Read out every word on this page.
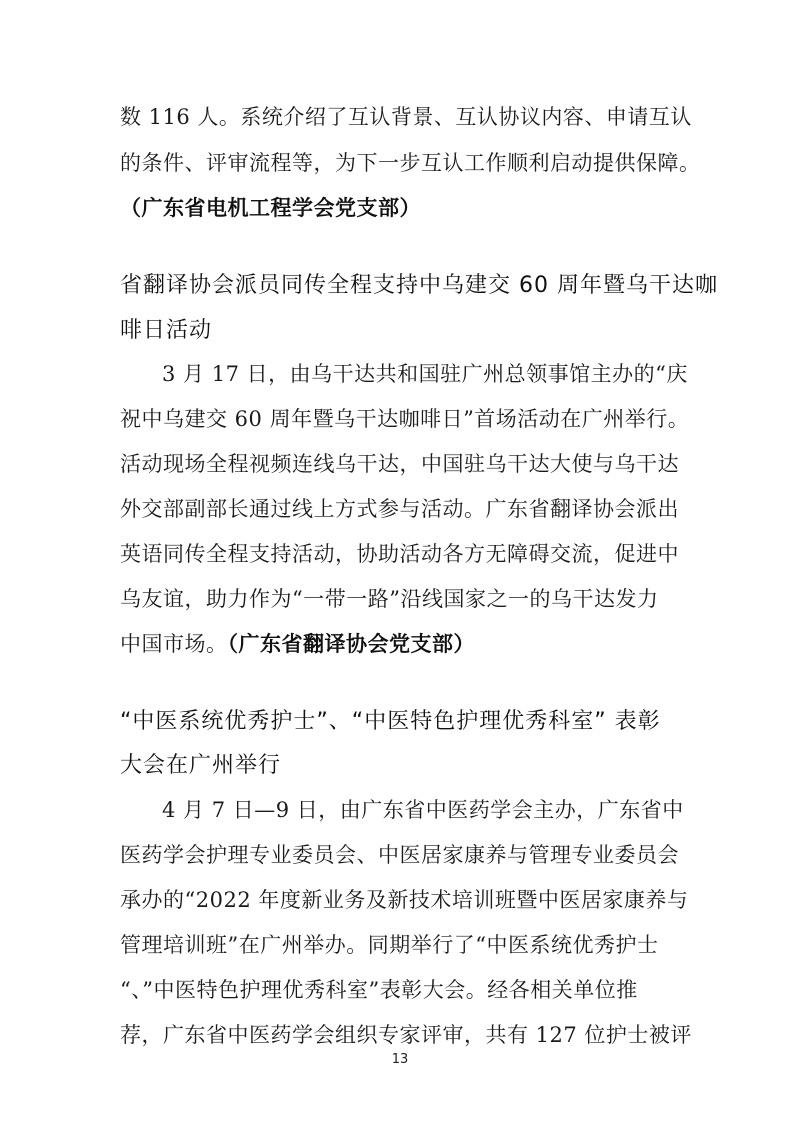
数 116 人。系统介绍了互认背景、互认协议内容、申请互认
的条件、评审流程等，为下一步互认工作顺利启动提供保障。
（广东省电机工程学会党支部）
省翻译协会派员同传全程支持中乌建交 60 周年暨乌干达咖
啡日活动
3 月 17 日，由乌干达共和国驻广州总领事馆主办的“庆
祝中乌建交 60 周年暨乌干达咖啡日”首场活动在广州举行。
活动现场全程视频连线乌干达，中国驻乌干达大使与乌干达
外交部副部长通过线上方式参与活动。广东省翻译协会派出
英语同传全程支持活动，协助活动各方无障碍交流，促进中
乌友谊，助力作为“一带一路”沿线国家之一的乌干达发力
中国市场。（广东省翻译协会党支部）
“中医系统优秀护士”、“中医特色护理优秀科室” 表彰
大会在广州举行
4 月 7 日—9 日，由广东省中医药学会主办，广东省中
医药学会护理专业委员会、中医居家康养与管理专业委员会
承办的“2022 年度新业务及新技术培训班暨中医居家康养与
管理培训班”在广州举办。同期举行了“中医系统优秀护士
“、”中医特色护理优秀科室”表彰大会。经各相关单位推
荐，广东省中医药学会组织专家评审，共有 127 位护士被评
13
